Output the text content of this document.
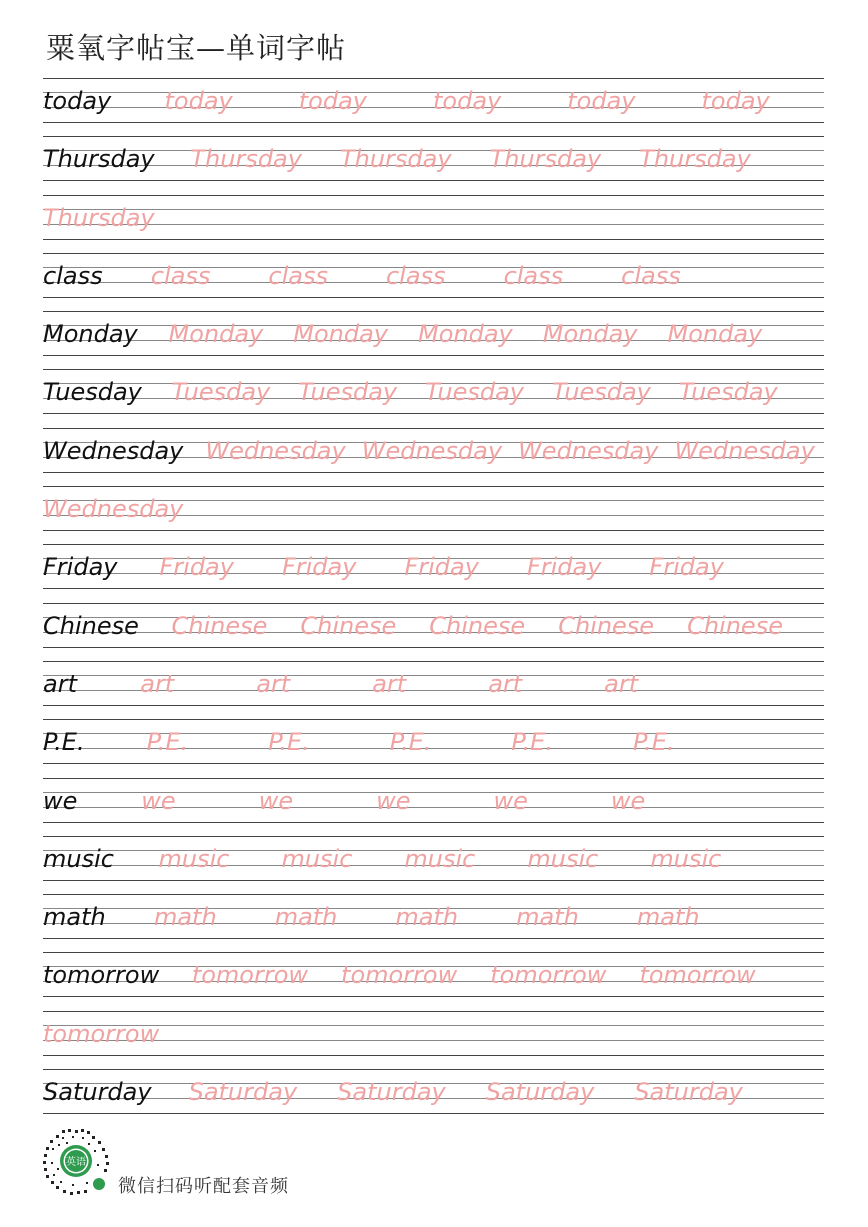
粟氧字帖宝—单词字帖
today today	today	today	today	today
Thursday Thursday Thursday Thursday Thursday
Thursday
class class class class class class
Monday Monday Monday Monday Monday Monday
Tuesday Tuesday Tuesday Tuesday Tuesday Tuesday
Wednesday Wednesday Wednesday Wednesday Wednesday
Wednesday
Friday Friday Friday Friday Friday Friday
Chinese Chinese Chinese Chinese Chinese Chinese
art	art	art	art	art	art
P.E.	P.E.	P.E.	P.E.	P.E.	P.E.
we	we	we	we	we	we
music music music music music music
math math math math math math
tomorrow tomorrow tomorrow tomorrow tomorrow
tomorrow
Saturday Saturday Saturday Saturday Saturday
英语
微信扫码听配套音频
